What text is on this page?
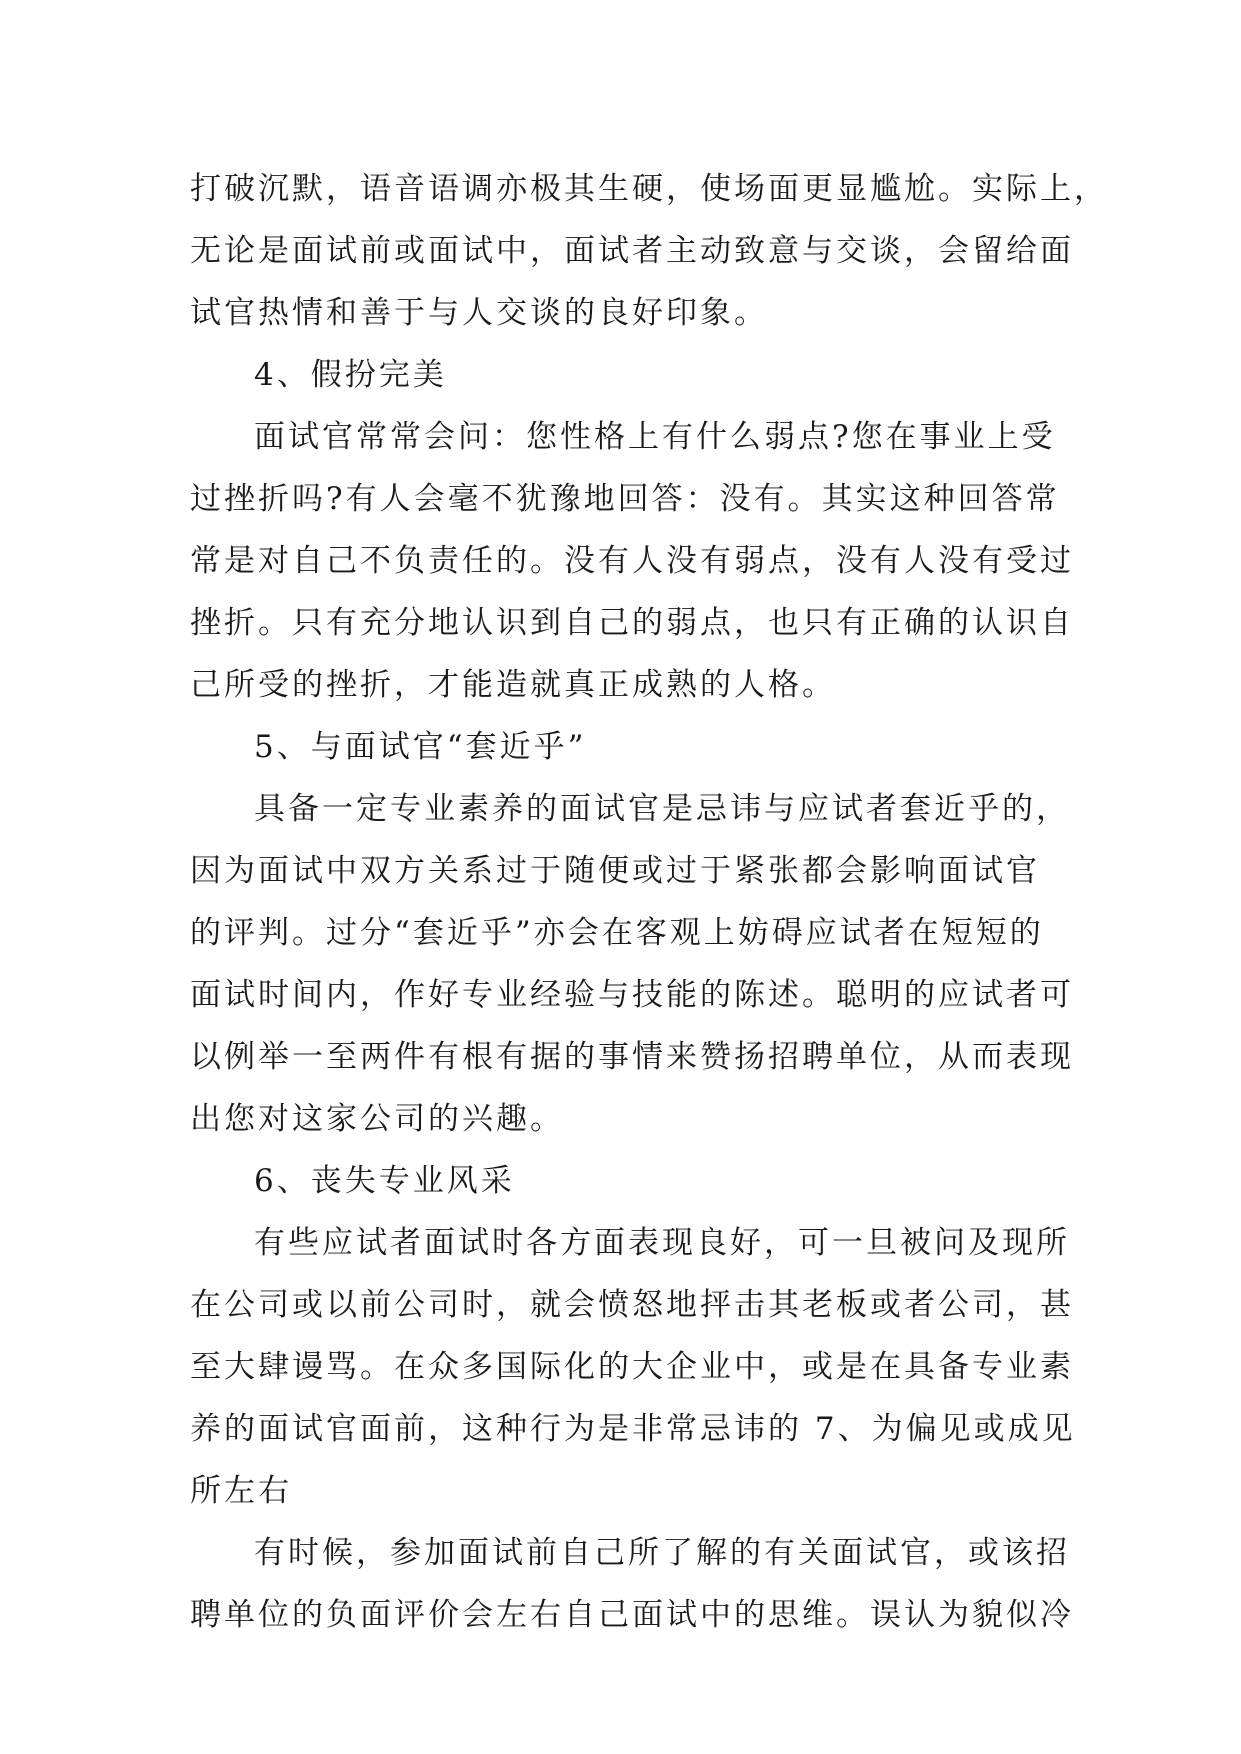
打破沉默，语音语调亦极其生硬，使场面更显尴尬。实际上，
无论是面试前或面试中，面试者主动致意与交谈，会留给面
试官热情和善于与人交谈的良好印象。
4、假扮完美
面试官常常会问：您性格上有什么弱点?您在事业上受
过挫折吗?有人会毫不犹豫地回答：没有。其实这种回答常
常是对自己不负责任的。没有人没有弱点，没有人没有受过
挫折。只有充分地认识到自己的弱点，也只有正确的认识自
己所受的挫折，才能造就真正成熟的人格。
5、与面试官“套近乎”
具备一定专业素养的面试官是忌讳与应试者套近乎的，
因为面试中双方关系过于随便或过于紧张都会影响面试官
的评判。过分“套近乎”亦会在客观上妨碍应试者在短短的
面试时间内，作好专业经验与技能的陈述。聪明的应试者可
以例举一至两件有根有据的事情来赞扬招聘单位，从而表现
出您对这家公司的兴趣。
6、丧失专业风采
有些应试者面试时各方面表现良好，可一旦被问及现所
在公司或以前公司时，就会愤怒地抨击其老板或者公司，甚
至大肆谩骂。在众多国际化的大企业中，或是在具备专业素
养的面试官面前，这种行为是非常忌讳的 7、为偏见或成见
所左右
有时候，参加面试前自己所了解的有关面试官，或该招
聘单位的负面评价会左右自己面试中的思维。误认为貌似冷
